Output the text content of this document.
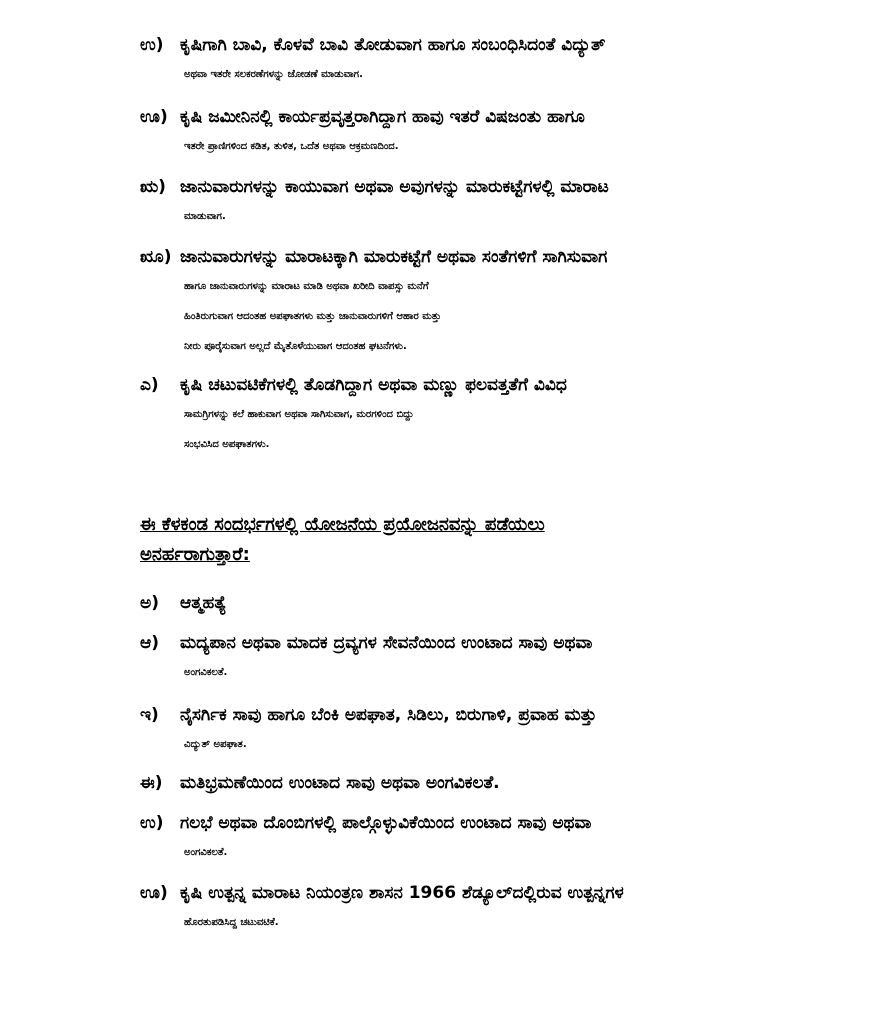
ಉ) ಕೃಷಿಗಾಗಿ ಬಾವಿ, ಕೊಳವೆ ಬಾವಿ ತೋಡುವಾಗ ಹಾಗೂ ಸಂಬಂಧಿಸಿದಂತೆ ವಿದ್ಯುತ್
ಅಥವಾ ಇತರೇ ಸಲಕರಣೆಗಳನ್ನು ಜೋಡಣೆ ಮಾಡುವಾಗ.
ಊ) ಕೃಷಿ ಜಮೀನಿನಲ್ಲಿ ಕಾರ್ಯಪ್ರವೃತ್ತರಾಗಿದ್ದಾಗ ಹಾವು ಇತರೆ ವಿಷಜಂತು ಹಾಗೂ
ಇತರೇ ಪ್ರಾಣಿಗಳಿಂದ ಕಡಿತ, ತುಳಿತ, ಒದೆತ ಅಥವಾ ಆಕ್ರಮಣದಿಂದ.
ಋ) ಜಾನುವಾರುಗಳನ್ನು ಕಾಯುವಾಗ ಅಥವಾ ಅವುಗಳನ್ನು ಮಾರುಕಟ್ಟೆಗಳಲ್ಲಿ ಮಾರಾಟ
ಮಾಡುವಾಗ.
ೠ) ಜಾನುವಾರುಗಳನ್ನು ಮಾರಾಟಕ್ಕಾಗಿ ಮಾರುಕಟ್ಟೆಗೆ ಅಥವಾ ಸಂತೆಗಳಿಗೆ ಸಾಗಿಸುವಾಗ
ಹಾಗೂ ಜಾನುವಾರುಗಳನ್ನು ಮಾರಾಟ ಮಾಡಿ ಅಥವಾ ಖರೀದಿ ವಾಪಸ್ಸು ಮನೆಗೆ
ಹಿಂತಿರುಗುವಾಗ ಆದಂತಹ ಅಪಘಾತಗಳು ಮತ್ತು ಜಾನುವಾರುಗಳಿಗೆ ಆಹಾರ ಮತ್ತು
ನೀರು ಪೂರೈಸುವಾಗ ಅಲ್ಲದೆ ಮೈತೊಳೆಯುವಾಗ ಆದಂತಹ ಘಟನೆಗಳು.
ಎ) ಕೃಷಿ ಚಟುವಟಿಕೆಗಳಲ್ಲಿ ತೊಡಗಿದ್ದಾಗ ಅಥವಾ ಮಣ್ಣು ಫಲವತ್ತತೆಗೆ ವಿವಿಧ
ಸಾಮಗ್ರಿಗಳನ್ನು ಕಲೆ ಹಾಕುವಾಗ ಅಥವಾ ಸಾಗಿಸುವಾಗ, ಮರಗಳಿಂದ ಬಿದ್ದು
ಸಂಭವಿಸಿದ ಅಪಘಾತಗಳು.
ಈ ಕೆಳಕಂಡ ಸಂದರ್ಭಗಳಲ್ಲಿ ಯೋಜನೆಯ ಪ್ರಯೋಜನವನ್ನು ಪಡೆಯಲು
ಅನರ್ಹರಾಗುತ್ತಾರೆ:
ಅ) ಆತ್ಮಹತ್ಯೆ
ಆ) ಮದ್ಯಪಾನ ಅಥವಾ ಮಾದಕ ದ್ರವ್ಯಗಳ ಸೇವನೆಯಿಂದ ಉಂಟಾದ ಸಾವು ಅಥವಾ
ಅಂಗವಿಕಲತೆ.
ಇ) ನೈಸರ್ಗಿಕ ಸಾವು ಹಾಗೂ ಬೆಂಕಿ ಅಪಘಾತ, ಸಿಡಿಲು, ಬಿರುಗಾಳಿ, ಪ್ರವಾಹ ಮತ್ತು
ವಿದ್ಯುತ್ ಅಪಘಾತ.
ಈ) ಮತಿಭ್ರಮಣೆಯಿಂದ ಉಂಟಾದ ಸಾವು ಅಥವಾ ಅಂಗವಿಕಲತೆ.
ಉ) ಗಲಭೆ ಅಥವಾ ದೊಂಬಿಗಳಲ್ಲಿ ಪಾಲ್ಗೊಳ್ಳುವಿಕೆಯಿಂದ ಉಂಟಾದ ಸಾವು ಅಥವಾ
ಅಂಗವಿಕಲತೆ.
ಊ) ಕೃಷಿ ಉತ್ಪನ್ನ ಮಾರಾಟ ನಿಯಂತ್ರಣ ಶಾಸನ 1966 ಶೆಡ್ಯೂಲ್‌ದಲ್ಲಿರುವ ಉತ್ಪನ್ನಗಳ
ಹೊರತುಪಡಿಸಿದ್ದ ಚಟುವಟಿಕೆ.
